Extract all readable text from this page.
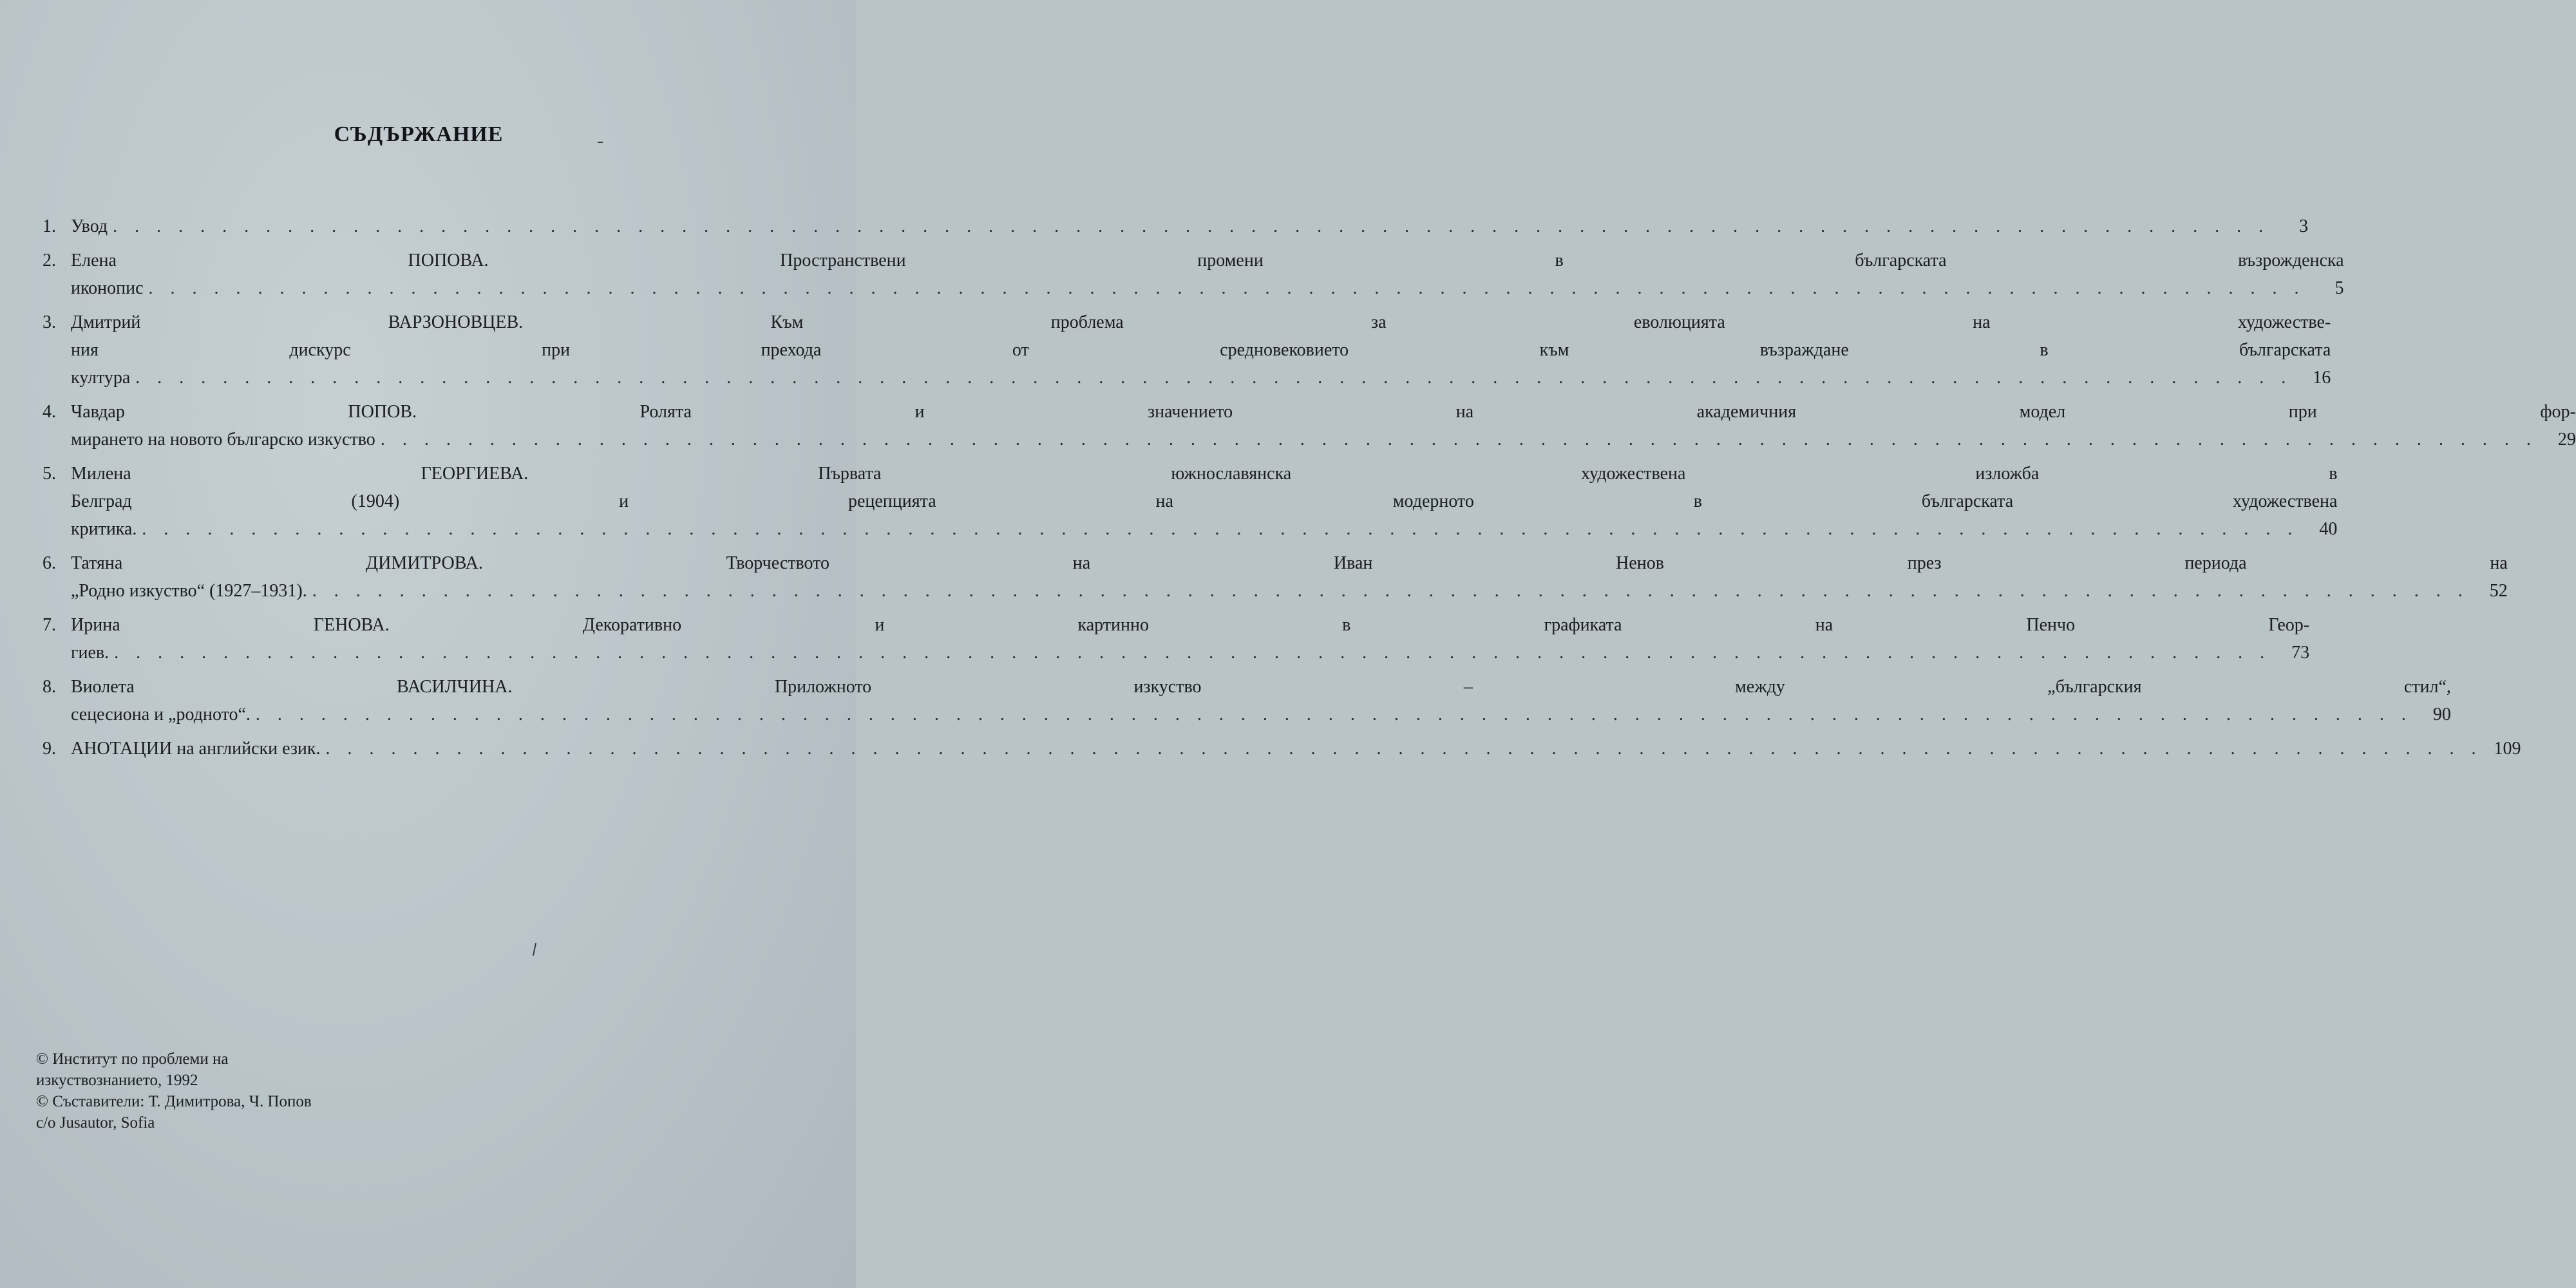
СЪДЪРЖАНИЕ
1. Увод . . .	3
2. Елена ПОПОВА. Пространствени промени в българската възрожденска
иконопис . . .	5
3. Дмитрий ВАРЗОНОВЦЕВ. Към проблема за еволюцията на художестве-
ния дискурс при прехода от средновековието към възраждане в българската
култура . . .	16
4. Чавдар ПОПОВ. Ролята и значението на академичния модел при фор-
мирането на новото българско изкуство . . .	29
5. Милена ГЕОРГИЕВА. Първата южнославянска художествена изложба в
Белград (1904) и рецепцията на модерното в българската художествена
критика. . . .	40
6. Татяна ДИМИТРОВА. Творчеството на Иван Ненов през периода на
„Родно изкуство“ (1927–1931). . . .	52
7. Ирина ГЕНОВА. Декоративно и картинно в графиката на Пенчо Геор-
гиев. . . .	73
8. Виолета ВАСИЛЧИНА. Приложното изкуство – между „българския стил“,
сецесиона и „родното“. . . .	90
9. АНОТАЦИИ на английски език. . . .	109
© Институт по проблеми на
изкуствознанието, 1992
© Съставители: Т. Димитрова, Ч. Попов
c/o Jusautor, Sofia
